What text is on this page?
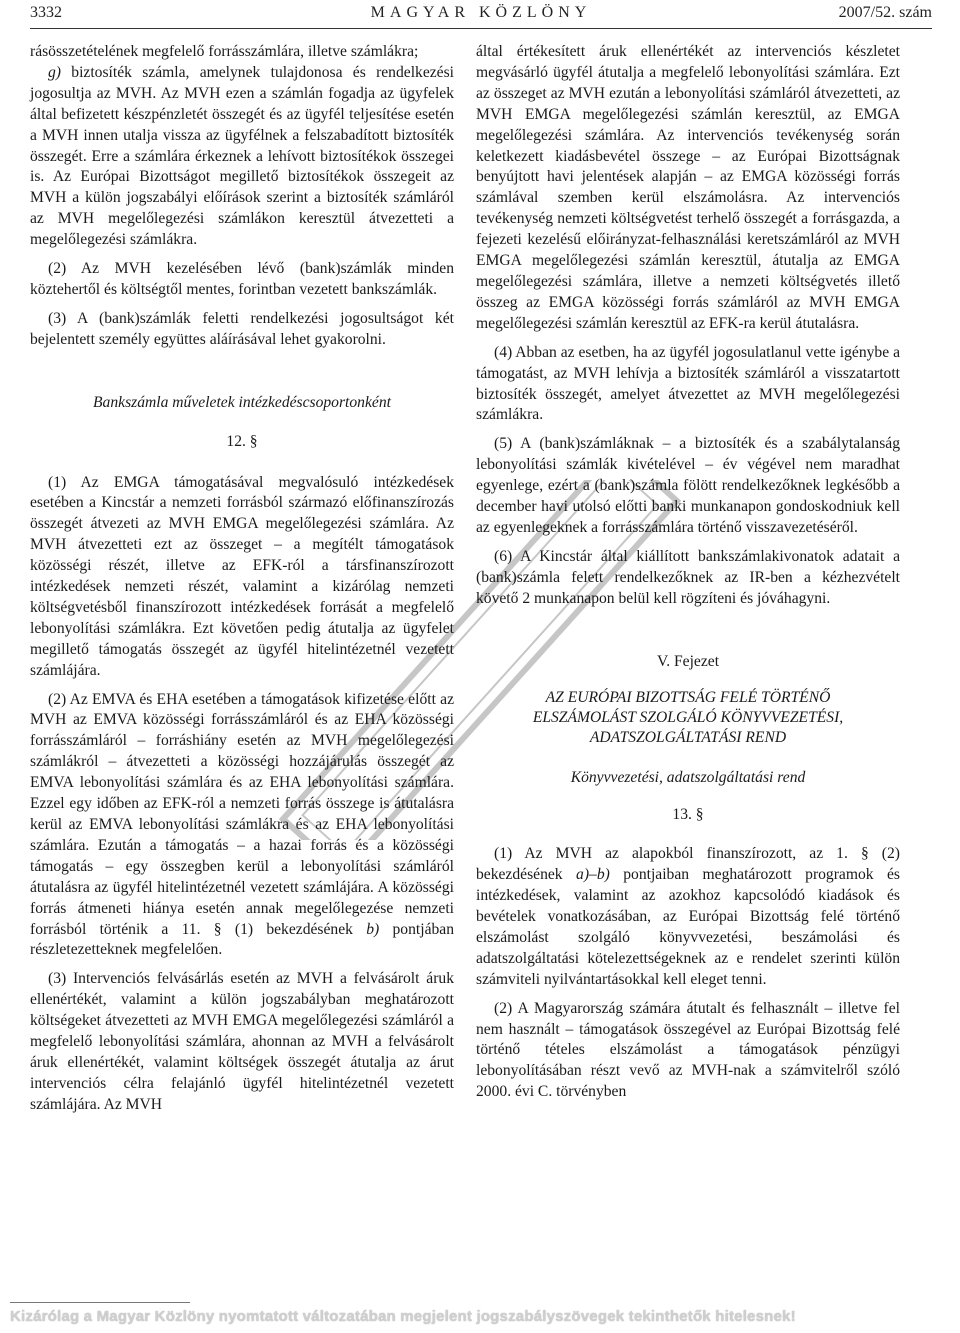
3332	MAGYAR KÖZLÖNY	2007/52. szám

rásösszetételének megfelelő forrásszámlára, illetve számlákra;

g) biztosíték számla, amelynek tulajdonosa és rendelkezési jogosultja az MVH. Az MVH ezen a számlán fogadja az ügyfelek által befizetett készpénzletét összegét és az ügyfél teljesítése esetén a MVH innen utalja vissza az ügyfélnek a felszabadított biztosíték összegét. Erre a számlára érkeznek a lehívott biztosítékok összegei is. Az Európai Bizottságot megillető biztosítékok összegeit az MVH a külön jogszabályi előírások szerint a biztosíték számláról az MVH megelőlegezési számlákon keresztül átvezetteti a megelőlegezési számlákra.

(2) Az MVH kezelésében lévő (bank)számlák minden köztehertől és költségtől mentes, forintban vezetett bankszámlák.

(3) A (bank)számlák feletti rendelkezési jogosultságot két bejelentett személy együttes aláírásával lehet gyakorolni.

Bankszámla műveletek intézkedéscsoportonként

12. §

(1) Az EMGA támogatásával megvalósuló intézkedések esetében a Kincstár a nemzeti forrásból származó előfinanszírozás összegét átvezeti az MVH EMGA megelőlegezési számlára. Az MVH átvezetteti ezt az összeget – a megítélt támogatások közösségi részét, illetve az EFK-ról a társfinanszírozott intézkedések nemzeti részét, valamint a kizárólag nemzeti költségvetésből finanszírozott intézkedések forrását a megfelelő lebonyolítási számlákra. Ezt követően pedig átutalja az ügyfelet megillető támogatás összegét az ügyfél hitelintézetnél vezetett számlájára.

(2) Az EMVA és EHA esetében a támogatások kifizetése előtt az MVH az EMVA közösségi forrásszámláról és az EHA közösségi forrásszámláról – forráshiány esetén az MVH megelőlegezési számlákról – átvezetteti a közösségi hozzájárulás összegét az EMVA lebonyolítási számlára és az EHA lebonyolítási számlára. Ezzel egy időben az EFK-ról a nemzeti forrás összege is átutalásra kerül az EMVA lebonyolítási számlákra és az EHA lebonyolítási számlára. Ezután a támogatás – a hazai forrás és a közösségi támogatás – egy összegben kerül a lebonyolítási számláról átutalásra az ügyfél hitelintézetnél vezetett számlájára. A közösségi forrás átmeneti hiánya esetén annak megelőlegezése nemzeti forrásból történik a 11. § (1) bekezdésének b) pontjában részletezetteknek megfelelően.

(3) Intervenciós felvásárlás esetén az MVH a felvásárolt áruk ellenértékét, valamint a külön jogszabályban meghatározott költségeket átvezetteti az MVH EMGA megelőlegezési számláról a megfelelő lebonyolítási számlára, ahonnan az MVH a felvásárolt áruk ellenértékét, valamint költségek összegét átutalja az árut intervenciós célra felajánló ügyfél hitelintézetnél vezetett számlájára. Az MVH

által értékesített áruk ellenértékét az intervenciós készletet megvásárló ügyfél átutalja a megfelelő lebonyolítási számlára. Ezt az összeget az MVH ezután a lebonyolítási számláról átvezetteti, az MVH EMGA megelőlegezési számlán keresztül, az EMGA megelőlegezési számlára. Az intervenciós tevékenység során keletkezett kiadásbevétel összege – az Európai Bizottságnak benyújtott havi jelentések alapján – az EMGA közösségi forrás számlával szemben kerül elszámolásra. Az intervenciós tevékenység nemzeti költségvetést terhelő összegét a forrásgazda, a fejezeti kezelésű előirányzat-felhasználási keretszámláról az MVH EMGA megelőlegezési számlán keresztül, átutalja az EMGA megelőlegezési számlára, illetve a nemzeti költségvetés illető összeg az EMGA közösségi forrás számláról az MVH EMGA megelőlegezési számlán keresztül az EFK-ra kerül átutalásra.

(4) Abban az esetben, ha az ügyfél jogosulatlanul vette igénybe a támogatást, az MVH lehívja a biztosíték számláról a visszatartott biztosíték összegét, amelyet átvezettet az MVH megelőlegezési számlákra.

(5) A (bank)számláknak – a biztosíték és a szabálytalanság lebonyolítási számlák kivételével – év végével nem maradhat egyenlege, ezért a (bank)számla fölött rendelkezőknek legkésőbb a december havi utolsó előtti banki munkanapon gondoskodniuk kell az egyenlegeknek a forrásszámlára történő visszavezetéséről.

(6) A Kincstár által kiállított bankszámlakivonatok adatait a (bank)számla felett rendelkezőknek az IR-ben a kézhezvételt követő 2 munkanapon belül kell rögzíteni és jóváhagyni.

V. Fejezet

AZ EURÓPAI BIZOTTSÁG FELÉ TÖRTÉNŐ

ELSZÁMOLÁST SZOLGÁLÓ KÖNYVVEZETÉSI,

ADATSZOLGÁLTATÁSI REND

Könyvvezetési, adatszolgáltatási rend

13. §

(1) Az MVH az alapokból finanszírozott, az 1. § (2) bekezdésének a)–b) pontjaiban meghatározott programok és intézkedések, valamint az azokhoz kapcsolódó kiadások és bevételek vonatkozásában, az Európai Bizottság felé történő elszámolást szolgáló könyvvezetési, beszámolási és adatszolgáltatási kötelezettségeknek az e rendelet szerinti külön számviteli nyilvántartásokkal kell eleget tenni.

(2) A Magyarország számára átutalt és felhasznált – illetve fel nem használt – támogatások összegével az Európai Bizottság felé történő tételes elszámolást a támogatások pénzügyi lebonyolításában részt vevő az MVH-nak a számvitelről szóló 2000. évi C. törvényben

Kizárólag a Magyar Közlöny nyomtatott változatában megjelent jogszabályszövegek tekinthetők hitelesnek!
